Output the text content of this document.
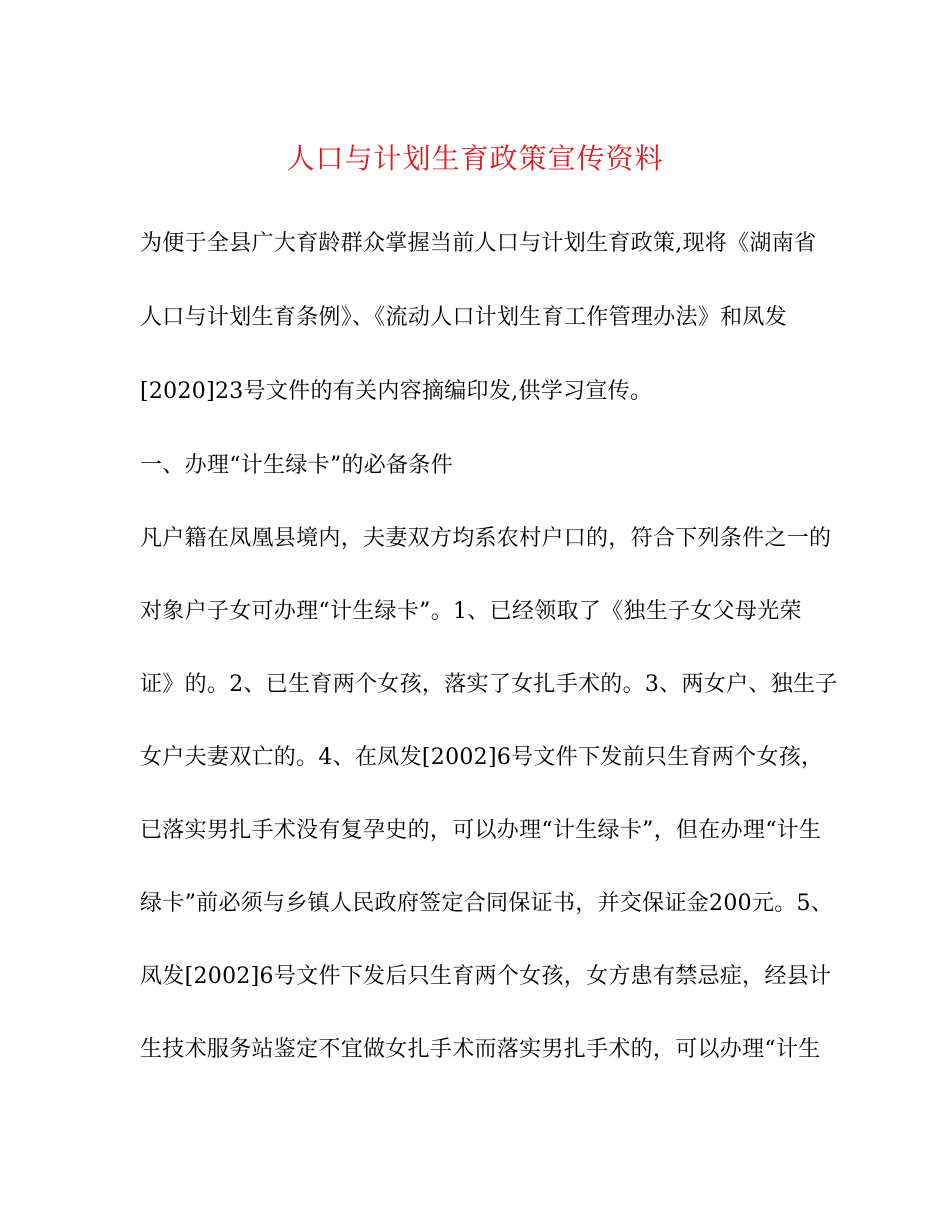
人口与计划生育政策宣传资料
为便于全县广大育龄群众掌握当前人口与计划生育政策,现将《湖南省
人口与计划生育条例》、《流动人口计划生育工作管理办法》和凤发
[2020]23号文件的有关内容摘编印发,供学习宣传。
一、办理“计生绿卡”的必备条件
凡户籍在凤凰县境内，夫妻双方均系农村户口的，符合下列条件之一的
对象户子女可办理“计生绿卡”。1、已经领取了《独生子女父母光荣
证》的。2、已生育两个女孩，落实了女扎手术的。3、两女户、独生子
女户夫妻双亡的。4、在凤发[2002]6号文件下发前只生育两个女孩，
已落实男扎手术没有复孕史的，可以办理“计生绿卡”，但在办理“计生
绿卡”前必须与乡镇人民政府签定合同保证书，并交保证金200元。5、
凤发[2002]6号文件下发后只生育两个女孩，女方患有禁忌症，经县计
生技术服务站鉴定不宜做女扎手术而落实男扎手术的，可以办理“计生
